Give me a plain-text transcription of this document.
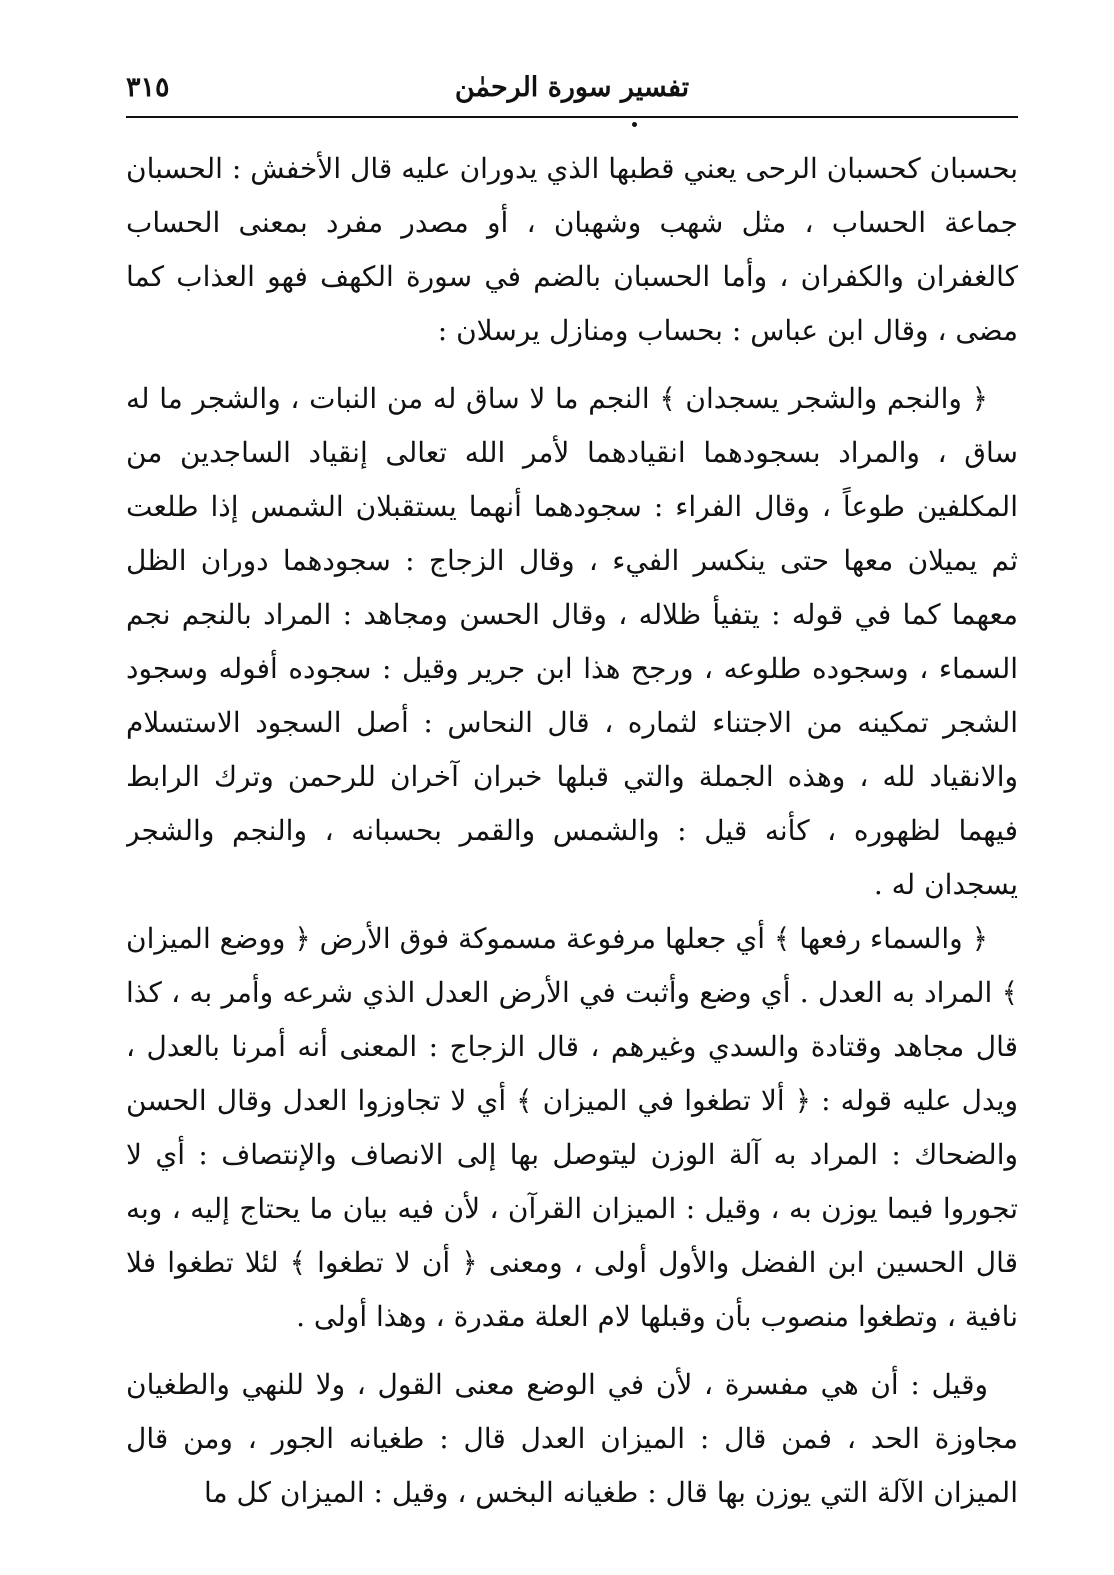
تفسير سورة الرحمٰن
٣١٥

بحسبان كحسبان الرحى يعني قطبها الذي يدوران عليه قال الأخفش : الحسبان جماعة الحساب ، مثل شهب وشهبان ، أو مصدر مفرد بمعنى الحساب كالغفران والكفران ، وأما الحسبان بالضم في سورة الكهف فهو العذاب كما مضى ، وقال ابن عباس : بحساب ومنازل يرسلان :

﴿ والنجم والشجر يسجدان ﴾ النجم ما لا ساق له من النبات ، والشجر ما له ساق ، والمراد بسجودهما انقيادهما لأمر الله تعالى إنقياد الساجدين من المكلفين طوعاً ، وقال الفراء : سجودهما أنهما يستقبلان الشمس إذا طلعت ثم يميلان معها حتى ينكسر الفيء ، وقال الزجاج : سجودهما دوران الظل معهما كما في قوله : يتفيأ ظلاله ، وقال الحسن ومجاهد : المراد بالنجم نجم السماء ، وسجوده طلوعه ، ورجح هذا ابن جرير وقيل : سجوده أفوله وسجود الشجر تمكينه من الاجتناء لثماره ، قال النحاس : أصل السجود الاستسلام والانقياد لله ، وهذه الجملة والتي قبلها خبران آخران للرحمن وترك الرابط فيهما لظهوره ، كأنه قيل : والشمس والقمر بحسبانه ، والنجم والشجر يسجدان له .

﴿ والسماء رفعها ﴾ أي جعلها مرفوعة مسموكة فوق الأرض ﴿ ووضع الميزان ﴾ المراد به العدل . أي وضع وأثبت في الأرض العدل الذي شرعه وأمر به ، كذا قال مجاهد وقتادة والسدي وغيرهم ، قال الزجاج : المعنى أنه أمرنا بالعدل ، ويدل عليه قوله : ﴿ ألا تطغوا في الميزان ﴾ أي لا تجاوزوا العدل وقال الحسن والضحاك : المراد به آلة الوزن ليتوصل بها إلى الانصاف والإنتصاف : أي لا تجوروا فيما يوزن به ، وقيل : الميزان القرآن ، لأن فيه بيان ما يحتاج إليه ، وبه قال الحسين ابن الفضل والأول أولى ، ومعنى ﴿ أن لا تطغوا ﴾ لئلا تطغوا فلا نافية ، وتطغوا منصوب بأن وقبلها لام العلة مقدرة ، وهذا أولى .

وقيل : أن هي مفسرة ، لأن في الوضع معنى القول ، ولا للنهي والطغيان مجاوزة الحد ، فمن قال : الميزان العدل قال : طغيانه الجور ، ومن قال الميزان الآلة التي يوزن بها قال : طغيانه البخس ، وقيل : الميزان كل ما
